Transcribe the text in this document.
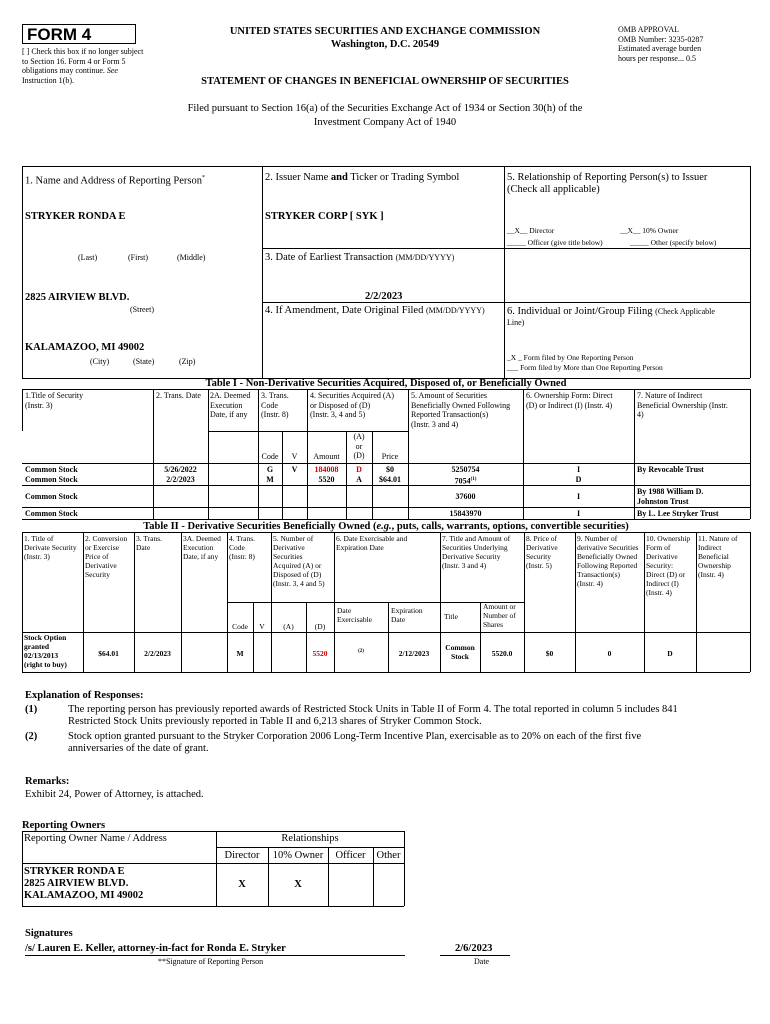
FORM 4
[ ] Check this box if no longer subject to Section 16. Form 4 or Form 5 obligations may continue. See Instruction 1(b).
UNITED STATES SECURITIES AND EXCHANGE COMMISSION
Washington, D.C. 20549
OMB APPROVAL
OMB Number: 3235-0287
Estimated average burden
hours per response... 0.5
STATEMENT OF CHANGES IN BENEFICIAL OWNERSHIP OF SECURITIES
Filed pursuant to Section 16(a) of the Securities Exchange Act of 1934 or Section 30(h) of the
Investment Company Act of 1940
1. Name and Address of Reporting Person*
STRYKER RONDA E
(Last)	(First)	(Middle)
2825 AIRVIEW BLVD.
(Street)
KALAMAZOO, MI 49002
(City)	(State)	(Zip)
2. Issuer Name and Ticker or Trading Symbol
STRYKER CORP [ SYK ]
3. Date of Earliest Transaction (MM/DD/YYYY)
2/2/2023
4. If Amendment, Date Original Filed (MM/DD/YYYY)
5. Relationship of Reporting Person(s) to Issuer
(Check all applicable)
__X__ Director	__X__ 10% Owner
_____ Officer (give title below)	_____ Other (specify below)
6. Individual or Joint/Group Filing (Check Applicable
Line)
_X _ Form filed by One Reporting Person
___ Form filed by More than One Reporting Person
Table I - Non-Derivative Securities Acquired, Disposed of, or Beneficially Owned
1.Title of Security
(Instr. 3)
2. Trans. Date 2A. Deemed
Execution
Date, if any
3. Trans.
Code
(Instr. 8)
4. Securities Acquired (A)
or Disposed of (D)
(Instr. 3, 4 and 5)
5. Amount of Securities
Beneficially Owned Following
Reported Transaction(s)
(Instr. 3 and 4)
6. Ownership Form: Direct
(D) or Indirect (I) (Instr. 4)
7. Nature of Indirect
Beneficial Ownership (Instr.
4)
Code	V	Amount
(A)
or
(D)	Price
Common Stock	5/26/2022	G	V	184008	D	$0	5250754	I	By Revocable Trust
Common Stock	2/2/2023	M	5520	A	$64.01	7054$^{(1)}$	D
Common Stock	37600	I
By 1988 William D.
Johnston Trust
Common Stock	15843970	I	By L. Lee Stryker Trust
Table II - Derivative Securities Beneficially Owned (e.g., puts, calls, warrants, options, convertible securities)
1. Title of
Derivate Security
(Instr. 3)
2. Conversion
or Exercise
Price of
Derivative
Security
3. Trans.
Date
3A. Deemed
Execution
Date, if any
4. Trans.
Code
(Instr. 8)
5. Number of
Derivative
Securities
Acquired (A) or
Disposed of (D)
(Instr. 3, 4 and 5)
6. Date Exercisable and
Expiration Date
7. Title and Amount of
Securities Underlying
Derivative Security
(Instr. 3 and 4)
8. Price of
Derivative
Security
(Instr. 5)
9. Number of
derivative Securities
Beneficially Owned
Following Reported
Transaction(s)
(Instr. 4)
10. Ownership
Form of
Derivative
Security:
Direct (D) or
Indirect (I)
(Instr. 4)
11. Nature of
Indirect
Beneficial
Ownership
(Instr. 4)
Code	V	(A)	(D)
Date
Exercisable
Expiration
Date	Title
Amount or
Number of
Shares
Stock Option
granted
02/13/2013
(right to buy)
$64.01	2/2/2023	M	5520	(2)	2/12/2023
Common
Stock	5520.0	$0	0	D
Explanation of Responses:
(1)	The reporting person has previously reported awards of Restricted Stock Units in Table II of Form 4. The total reported in column 5 includes 841
Restricted Stock Units previously reported in Table II and 6,213 shares of Stryker Common Stock.
(2)	Stock option granted pursuant to the Stryker Corporation 2006 Long-Term Incentive Plan, exercisable as to 20% on each of the first five
anniversaries of the date of grant.
Remarks:
Exhibit 24, Power of Attorney, is attached.
Reporting Owners
Reporting Owner Name / Address	Relationships
Director	10% Owner	Officer	Other
STRYKER RONDA E
2825 AIRVIEW BLVD.
KALAMAZOO, MI 49002
X	X
Signatures
/s/ Lauren E. Keller, attorney-in-fact for Ronda E. Stryker	2/6/2023
**Signature of Reporting Person	Date
